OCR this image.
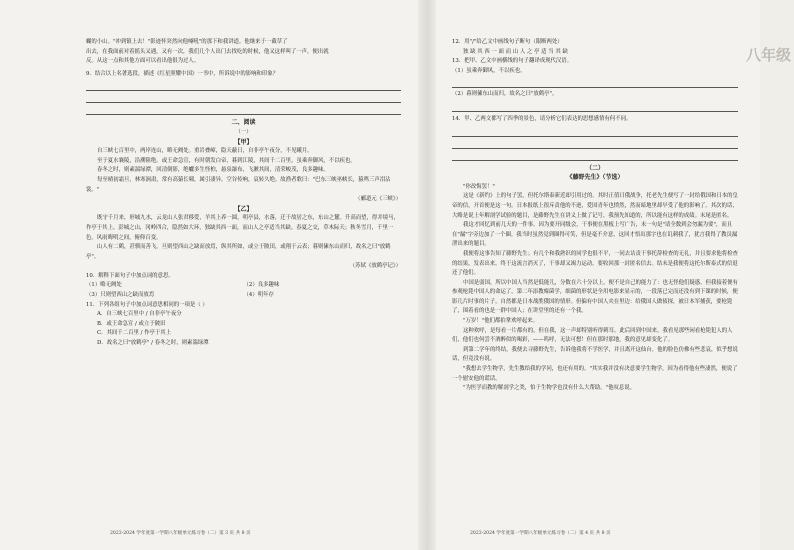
八年级

蝴的小山。"冲到镇上去！"影迹怀突然向他嗓吼"的那下和我讲道。他继来于一截草了

出去，在我面前对着摇头又遇，又有一次，我们几个人出门去找吃的时候，他又这样叫了一声，便出就

反。从这一点和其他方面可以看出他很为过人。

9．结合以上名著选段，描述《红星照耀中国》一书中，所诉说中的影响和印象？

二、阅读

（一）

【甲】

自三峡七百里中，两岸连山，略无阙处。重岩叠嶂，隐天蔽日，自非亭午夜分，不见曦月。

至于夏水襄陵，沿溯阻绝。或王命急宣，有时朝发白帝，暮到江陵，其间千二百里，虽乘奔御风，不以疾也。

春冬之时，则素湍绿潭，回清倒影，绝巘多生怪柏，悬泉瀑布，飞漱其间，清荣峻茂，良多趣味。

每至晴初霜旦，林寒涧肃，常有高猿长啸，属引凄异，空谷传响，哀转久绝。故渔者歌曰："巴东三峡巫峡长，猿鸣三声泪沾裳。"

（郦道元《三峡》）

【乙】

既守千月来，形城九水，云龙山人张君移爱，羊其上养一圆，明亭县，水落，迁于故居之东，东山之麓。升高而望，得并境马，作亭于其上。彭城之山，冈岭四合，隐然如大环，独缺其西一面，而山人之亭适当其缺。春夏之交，草木际天；秋冬雪月，千里一色。风雨晦明之间，俯仰百变。

山人有二鹤，甚驯而善飞。旦则望西山之缺而放焉，纵其所如，或立于陂田，或翔于云表；暮则傃东山而归，故名之曰"放鹤亭"。

（苏轼《放鹤亭记》）

10．解释下面句子中加点词的意思。

（1）略无阙处	（2）良多趣味
（3）只则望西山之缺而放焉	（4）明年存

11．下列各组句子中加点词意思相同的一项是（ ）

A．自三峡七百里中 / 自非亭午夜分

B．或王命急宣 / 或立于陂田

C．其间千二百里 / 作亭于其上

D．故名之曰"放鹤亭" / 春冬之时，则素湍绿潭

2023-2024 学年度第一学期八年级单元练习卷（二）第 3 页 共 8 页

12．用"/"给乙文中画线句子断句（限断两处）

独 缺 其 西 一 面 而 山 人 之 亭 适 当 其 缺

13．把甲、乙文中画横线的句子翻译成现代汉语。

（1）虽乘奔御风，不以疾也。

（2）暮则傃东山而归，故名之曰"放鹤亭"。

14．甲、乙两文都写了四季的景色，请分析它们表达的思想感情有何不同。

（二）

《藤野先生》（节选）

"你改悔罢！"

这是《新约》上的句子罢，但托尔斯泰新近却引用过的。其时正值日俄战争，托老先生便写了一封给俄国和日本的皇帝的信，开首便是这一句。日本报纸上很斥责他的不逊，爱国青年也愤然，然而暗地里却早受了他的影响了。其次的话，大略是说上年解剖学试验的题目，是藤野先生在讲义上做了记号，我预先知道的，所以能有这样的成绩。末尾是匿名。

我这才回忆到前几天的一件事。因为要开同级会，干事便在黑板上写广告，末一句是"请全数到会勿漏为要"，而且在"漏"字旁边加了一个圈。我当时虽然觉到圈得可笑，但是毫不介意，这回才悟出那字也在讥刺我了，犹言我得了教员漏泄出来的题目。

我便将这事告知了藤野先生；有几个和我熟识的同学也很不平，一同去诘责干事托辞检查的无礼，并且要求他将检查的结果，发表出来。终于这流言消灭了，干事却又竭力运动，要收回那一封匿名信去。结末是我便将这托尔斯泰式的信退还了他们。

中国是弱国，所以中国人当然是低能儿，分数在六十分以上，便不是自己的能力了：也无怪他们疑惑。但我接着便有参观枪毙中国人的命运了。第二年添教霉菌学，细菌的形状是全用电影来显示的，一段落已完而还没有到下课的时候，便影几片时事的片子，自然都是日本战胜俄国的情形。但偏有中国人夹在里边：给俄国人做侦探，被日本军捕获，要枪毙了，围着看的也是一群中国人；在讲堂里的还有一个我。

"万岁！"他们都拍掌欢呼起来。

这种欢呼，是每看一片都有的，但在我，这一声却特别听得刺耳。此后回到中国来，我看见那些闲看枪毙犯人的人们，他们也何尝不酒醉似的喝彩，——呜呼，无法可想！但在那时那地，我的意见却变化了。

到第二学年的终结，我便去寻藤野先生，告诉他我将不学医学，并且离开这仙台。他的脸色仿佛有些悲哀，似乎想说话，但竟没有说。

"我想去学生物学，先生教给我的学问，也还有用的。"其实我并没有决意要学生物学，因为看得他有些凄然，便说了一个慰安他的谎话。

"为医学而教的解剖学之类，怕于生物学也没有什么大帮助。"他叹息说。

2023-2024 学年度第一学期八年级单元练习卷（二）第 4 页 共 8 页
